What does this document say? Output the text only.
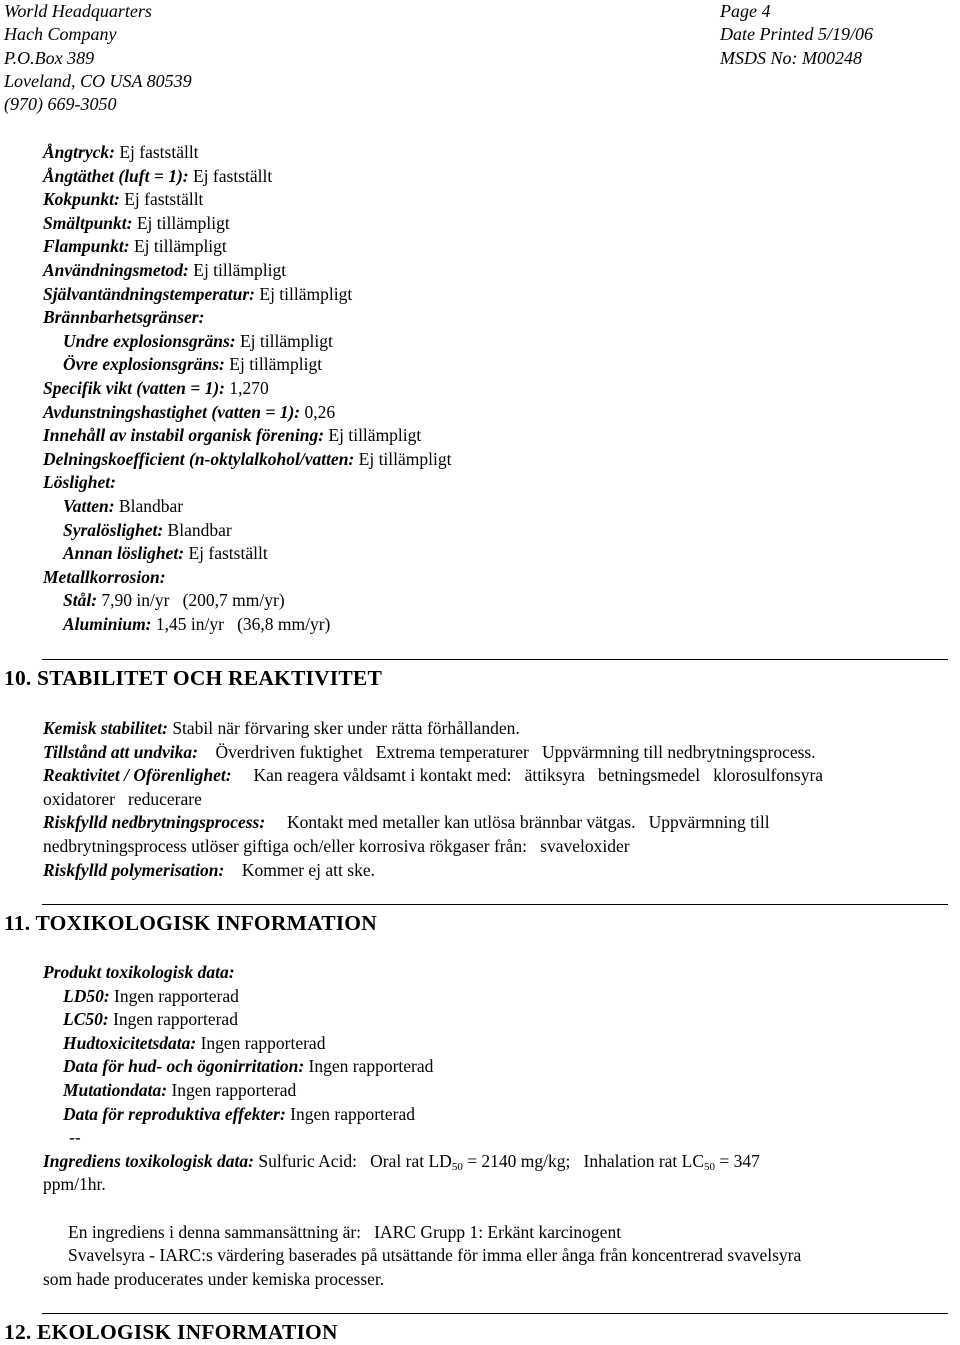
World Headquarters
Hach Company
P.O.Box 389
Loveland, CO USA 80539
(970) 669-3050
Page 4
Date Printed 5/19/06
MSDS No: M00248
Ångtryck: Ej fastställt
Ångtäthet (luft = 1): Ej fastställt
Kokpunkt: Ej fastställt
Smältpunkt: Ej tillämpligt
Flampunkt: Ej tillämpligt
Användningsmetod: Ej tillämpligt
Självantändningstemperatur: Ej tillämpligt
Brännbarhetsgränser:
Undre explosionsgräns: Ej tillämpligt
Övre explosionsgräns: Ej tillämpligt
Specifik vikt (vatten = 1): 1,270
Avdunstningshastighet (vatten = 1): 0,26
Innehåll av instabil organisk förening: Ej tillämpligt
Delningskoefficient (n-oktylalkohol/vatten: Ej tillämpligt
Löslighet:
Vatten: Blandbar
Syralöslighet: Blandbar
Annan löslighet: Ej fastställt
Metallkorrosion:
Stål: 7,90 in/yr   (200,7 mm/yr)
Aluminium: 1,45 in/yr   (36,8 mm/yr)
10. STABILITET OCH REAKTIVITET
Kemisk stabilitet: Stabil när förvaring sker under rätta förhållanden.
Tillstånd att undvika:    Överdriven fuktighet   Extrema temperaturer   Uppvärmning till nedbrytningsprocess.
Reaktivitet / Oförenlighet:     Kan reagera våldsamt i kontakt med:   ättiksyra   betningsmedel   klorosulfonsyra
oxidatorer   reducerare
Riskfylld nedbrytningsprocess:     Kontakt med metaller kan utlösa brännbar vätgas.   Uppvärmning till
nedbrytningsprocess utlöser giftiga och/eller korrosiva rökgaser från:   svaveloxider
Riskfylld polymerisation:    Kommer ej att ske.
11. TOXIKOLOGISK INFORMATION
Produkt toxikologisk data:
LD50: Ingen rapporterad
LC50: Ingen rapporterad
Hudtoxicitetsdata: Ingen rapporterad
Data för hud- och ögonirritation: Ingen rapporterad
Mutationdata: Ingen rapporterad
Data för reproduktiva effekter: Ingen rapporterad
--
Ingrediens toxikologisk data: Sulfuric Acid:   Oral rat $LD_{50} = 2140$ mg/kg;   Inhalation rat $LC_{50} = 347$
ppm/1hr.
En ingrediens i denna sammansättning är:   IARC Grupp 1: Erkänt karcinogent
Svavelsyra - IARC:s värdering baserades på utsättande för imma eller ånga från koncentrerad svavelsyra
som hade producerates under kemiska processer.
12. EKOLOGISK INFORMATION
